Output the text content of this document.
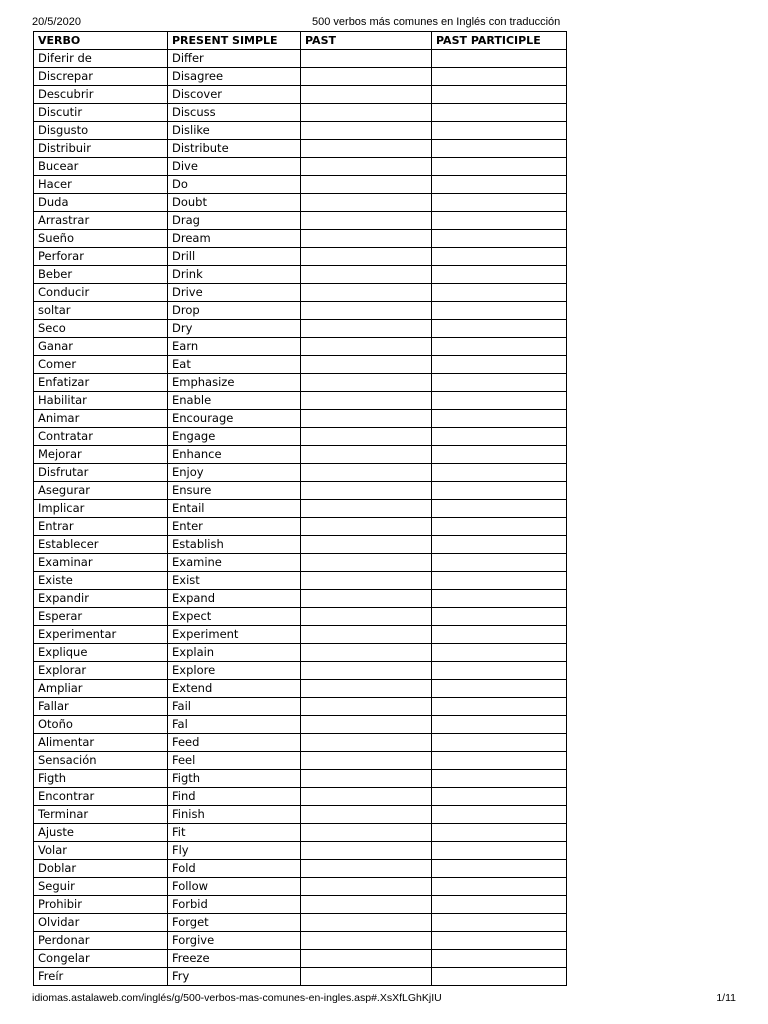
20/5/2020	500 verbos más comunes en Inglés con traducción
VERBO	PRESENT SIMPLE	PAST	PAST PARTICIPLE
Diferir de	Differ		
Discrepar	Disagree		
Descubrir	Discover		
Discutir	Discuss		
Disgusto	Dislike		
Distribuir	Distribute		
Bucear	Dive		
Hacer	Do		
Duda	Doubt		
Arrastrar	Drag		
Sueño	Dream		
Perforar	Drill		
Beber	Drink		
Conducir	Drive		
soltar	Drop		
Seco	Dry		
Ganar	Earn		
Comer	Eat		
Enfatizar	Emphasize		
Habilitar	Enable		
Animar	Encourage		
Contratar	Engage		
Mejorar	Enhance		
Disfrutar	Enjoy		
Asegurar	Ensure		
Implicar	Entail		
Entrar	Enter		
Establecer	Establish		
Examinar	Examine		
Existe	Exist		
Expandir	Expand		
Esperar	Expect		
Experimentar	Experiment		
Explique	Explain		
Explorar	Explore		
Ampliar	Extend		
Fallar	Fail		
Otoño	Fal		
Alimentar	Feed		
Sensación	Feel		
Figth	Figth		
Encontrar	Find		
Terminar	Finish		
Ajuste	Fit		
Volar	Fly		
Doblar	Fold		
Seguir	Follow		
Prohibir	Forbid		
Olvidar	Forget		
Perdonar	Forgive		
Congelar	Freeze		
Freír	Fry		
idiomas.astalaweb.com/inglés/g/500-verbos-mas-comunes-en-ingles.asp#.XsXfLGhKjIU	1/11
